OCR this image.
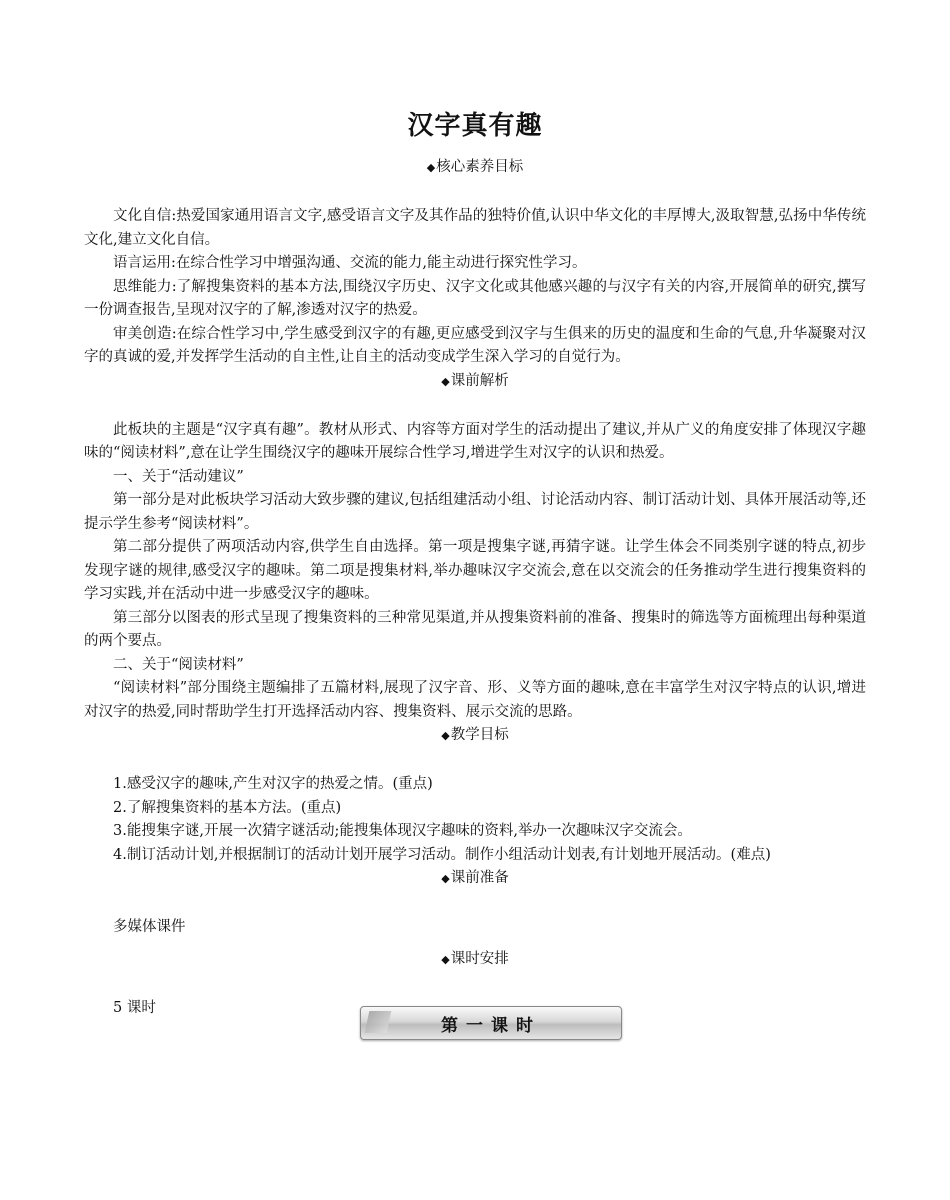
汉字真有趣
◆核心素养目标

文化自信:热爱国家通用语言文字,感受语言文字及其作品的独特价值,认识中华文化的丰厚博大,汲取智慧,弘扬中华传统文化,建立文化自信。

语言运用:在综合性学习中增强沟通、交流的能力,能主动进行探究性学习。

思维能力:了解搜集资料的基本方法,围绕汉字历史、汉字文化或其他感兴趣的与汉字有关的内容,开展简单的研究,撰写一份调查报告,呈现对汉字的了解,渗透对汉字的热爱。

审美创造:在综合性学习中,学生感受到汉字的有趣,更应感受到汉字与生俱来的历史的温度和生命的气息,升华凝聚对汉字的真诚的爱,并发挥学生活动的自主性,让自主的活动变成学生深入学习的自觉行为。

◆课前解析

此板块的主题是“汉字真有趣”。教材从形式、内容等方面对学生的活动提出了建议,并从广义的角度安排了体现汉字趣味的“阅读材料”,意在让学生围绕汉字的趣味开展综合性学习,增进学生对汉字的认识和热爱。

一、关于“活动建议”

第一部分是对此板块学习活动大致步骤的建议,包括组建活动小组、讨论活动内容、制订活动计划、具体开展活动等,还提示学生参考“阅读材料”。

第二部分提供了两项活动内容,供学生自由选择。第一项是搜集字谜,再猜字谜。让学生体会不同类别字谜的特点,初步发现字谜的规律,感受汉字的趣味。第二项是搜集材料,举办趣味汉字交流会,意在以交流会的任务推动学生进行搜集资料的学习实践,并在活动中进一步感受汉字的趣味。

第三部分以图表的形式呈现了搜集资料的三种常见渠道,并从搜集资料前的准备、搜集时的筛选等方面梳理出每种渠道的两个要点。

二、关于“阅读材料”

“阅读材料”部分围绕主题编排了五篇材料,展现了汉字音、形、义等方面的趣味,意在丰富学生对汉字特点的认识,增进对汉字的热爱,同时帮助学生打开选择活动内容、搜集资料、展示交流的思路。

◆教学目标

1.感受汉字的趣味,产生对汉字的热爱之情。(重点)

2.了解搜集资料的基本方法。(重点)

3.能搜集字谜,开展一次猜字谜活动;能搜集体现汉字趣味的资料,举办一次趣味汉字交流会。

4.制订活动计划,并根据制订的活动计划开展学习活动。制作小组活动计划表,有计划地开展活动。(难点)

◆课前准备

多媒体课件

◆课时安排

5 课时

第一课时
